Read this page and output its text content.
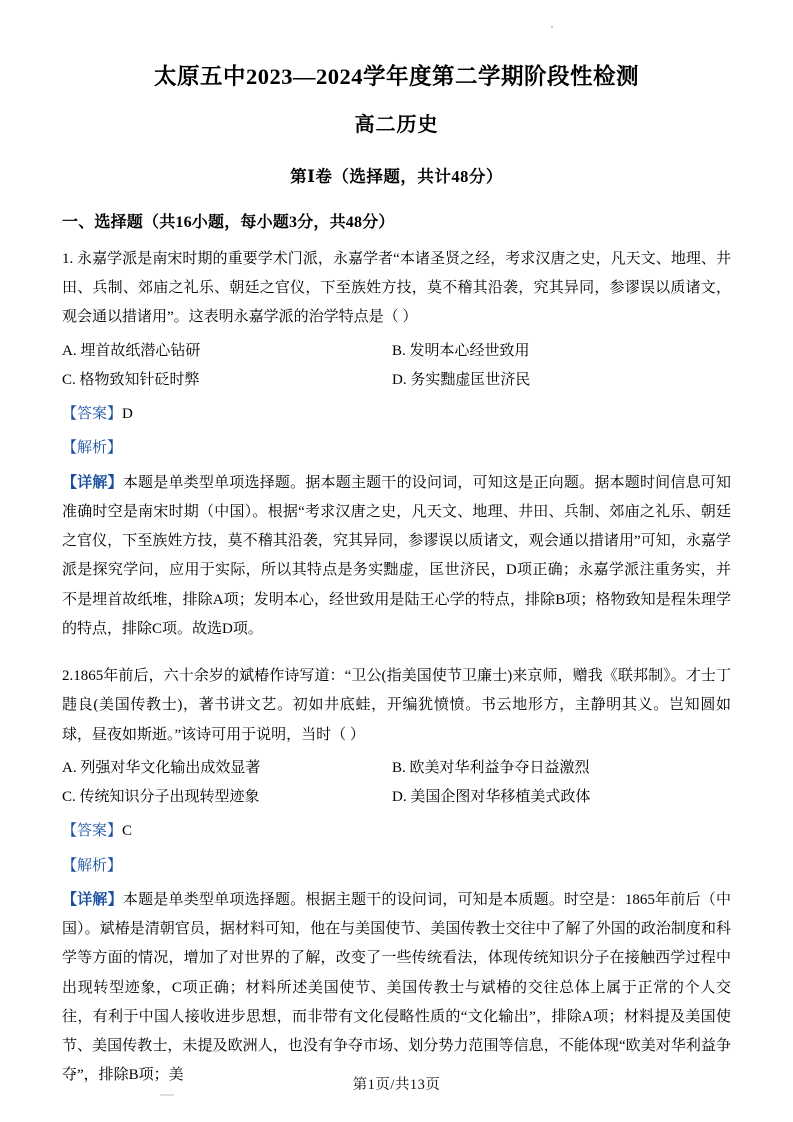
太原五中2023—2024学年度第二学期阶段性检测
高二历史
第Ⅰ卷（选择题，共计48分）
一、选择题（共16小题，每小题3分，共48分）
1. 永嘉学派是南宋时期的重要学术门派，永嘉学者“本诸圣贤之经，考求汉唐之史，凡天文、地理、井田、兵制、郊庙之礼乐、朝廷之官仪，下至族姓方技，莫不稽其沿袭，究其异同，参谬误以质诸文，观会通以措诸用”。这表明永嘉学派的治学特点是（ ）
A. 埋首故纸潜心钻研	B. 发明本心经世致用
C. 格物致知针砭时弊	D. 务实黜虚匡世济民
【答案】D
【解析】
【详解】本题是单类型单项选择题。据本题主题干的设问词，可知这是正向题。据本题时间信息可知准确时空是南宋时期（中国）。根据“考求汉唐之史，凡天文、地理、井田、兵制、郊庙之礼乐、朝廷之官仪，下至族姓方技，莫不稽其沿袭，究其异同，参谬误以质诸文，观会通以措诸用”可知，永嘉学派是探究学问，应用于实际，所以其特点是务实黜虚，匡世济民，D项正确；永嘉学派注重务实，并不是埋首故纸堆，排除A项；发明本心，经世致用是陆王心学的特点，排除B项；格物致知是程朱理学的特点，排除C项。故选D项。
2.1865年前后，六十余岁的斌椿作诗写道：“卫公(指美国使节卫廉士)来京师，赠我《联邦制》。才士丁韪良(美国传教士)，著书讲文艺。初如井底蛙，开编犹愤愤。书云地形方，主静明其义。岂知圆如球，昼夜如斯逝。”该诗可用于说明，当时（ ）
A. 列强对华文化输出成效显著	B. 欧美对华利益争夺日益激烈
C. 传统知识分子出现转型迹象	D. 美国企图对华移植美式政体
【答案】C
【解析】
【详解】本题是单类型单项选择题。根据主题干的设问词，可知是本质题。时空是：1865年前后（中国）。斌椿是清朝官员，据材料可知，他在与美国使节、美国传教士交往中了解了外国的政治制度和科学等方面的情况，增加了对世界的了解，改变了一些传统看法，体现传统知识分子在接触西学过程中出现转型迹象，C项正确；材料所述美国使节、美国传教士与斌椿的交往总体上属于正常的个人交往，有利于中国人接收进步思想，而非带有文化侵略性质的“文化输出”，排除A项；材料提及美国使节、美国传教士，未提及欧洲人，也没有争夺市场、划分势力范围等信息，不能体现“欧美对华利益争夺”，排除B项；美
第1页/共13页
